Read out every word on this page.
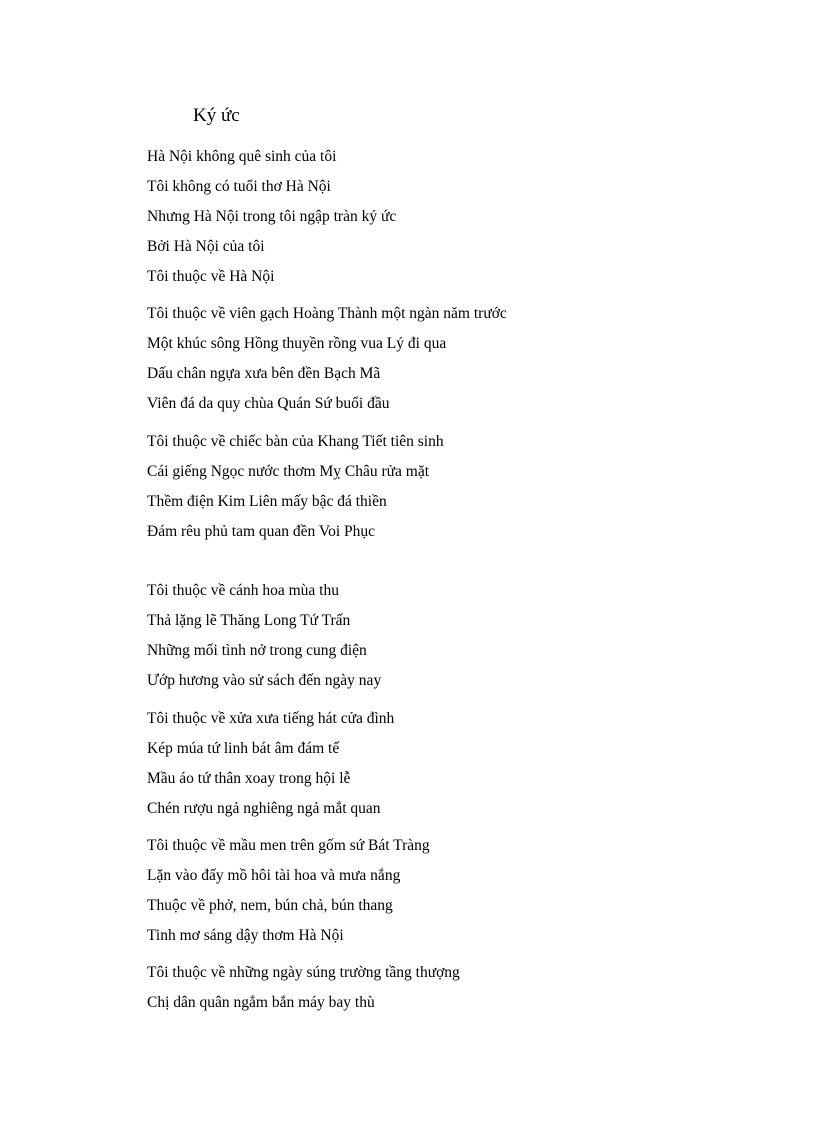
Ký ức
Hà Nội không quê sinh của tôi
Tôi không có tuổi thơ Hà Nội
Nhưng Hà Nội trong tôi ngập tràn ký ức
Bởi Hà Nội của tôi
Tôi thuộc về Hà Nội
Tôi thuộc về viên gạch Hoàng Thành một ngàn năm trước
Một khúc sông Hồng thuyền rồng vua Lý đi qua
Dấu chân ngựa xưa bên đền Bạch Mã
Viên đá da quy chùa Quán Sứ buổi đầu
Tôi thuộc về chiếc bàn của Khang Tiết tiên sinh
Cái giếng Ngọc nước thơm Mỵ Châu rửa mặt
Thềm điện Kim Liên mấy bậc đá thiền
Đám rêu phủ tam quan đền Voi Phục
Tôi thuộc về cánh hoa mùa thu
Thả lặng lẽ Thăng Long Tứ Trấn
Những mối tình nở trong cung điện
Ướp hương vào sử sách đến ngày nay
Tôi thuộc về xửa xưa tiếng hát cửa đình
Kép múa tứ linh bát âm đám tế
Mầu áo tứ thân xoay trong hội lễ
Chén rượu ngả nghiêng ngả mắt quan
Tôi thuộc về mầu men trên gốm sứ Bát Tràng
Lặn vào đấy mồ hôi tài hoa và mưa nắng
Thuộc về phở, nem, bún chả, bún thang
Tinh mơ sáng dậy thơm Hà Nội
Tôi thuộc về những ngày súng trường tầng thượng
Chị dân quân ngắm bắn máy bay thù
